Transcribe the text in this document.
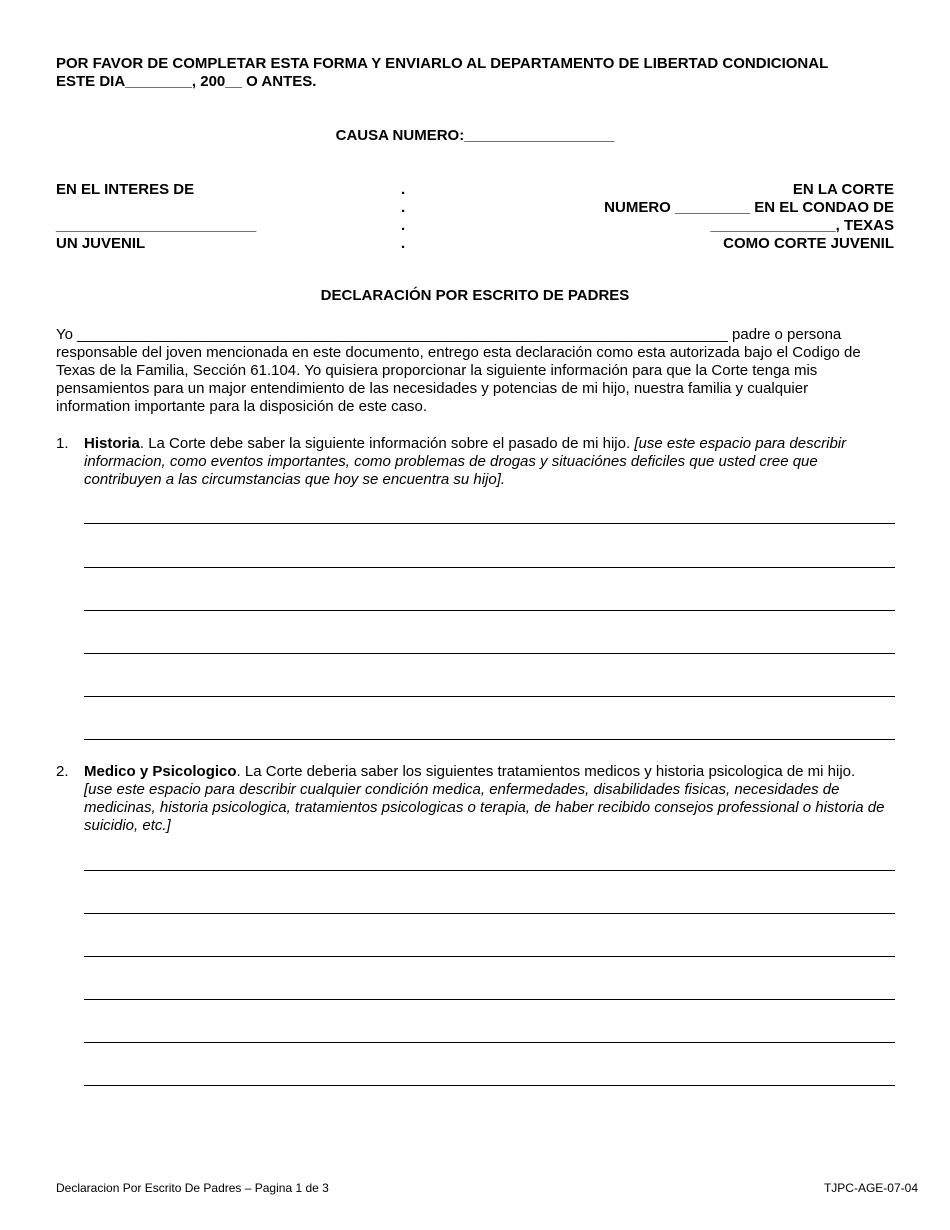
POR FAVOR DE COMPLETAR ESTA FORMA Y ENVIARLO AL DEPARTAMENTO DE LIBERTAD CONDICIONAL
ESTE DIA________, 200__ O ANTES.
CAUSA NUMERO:__________________
EN EL INTERES DE
________________________
UN JUVENIL
.
.
.
.
EN LA CORTE
NUMERO _________ EN EL CONDAO DE
_______________, TEXAS
COMO CORTE JUVENIL
DECLARACIÓN POR ESCRITO DE PADRES
Yo ______________________________________________________________________________ padre o persona
responsable del joven mencionada en este documento, entrego esta declaración como esta autorizada bajo el Codigo de
Texas de la Familia, Sección 61.104. Yo quisiera proporcionar la siguiente información para que la Corte tenga mis
pensamientos para un major entendimiento de las necesidades y potencias de mi hijo, nuestra familia y cualquier
information importante para la disposición de este caso.
1. Historia. La Corte debe saber la siguiente información sobre el pasado de mi hijo. [use este espacio para describir informacion, como eventos importantes, como problemas de drogas y situaciónes deficiles que usted cree que contribuyen a las circumstancias que hoy se encuentra su hijo].
2. Medico y Psicologico. La Corte deberia saber los siguientes tratamientos medicos y historia psicologica de mi hijo.
[use este espacio para describir cualquier condición medica, enfermedades, disabilidades fisicas, necesidades de medicinas, historia psicologica, tratamientos psicologicas o terapia, de haber recibido consejos professional o historia de suicidio, etc.]
Declaracion Por Escrito De Padres – Pagina 1 de 3	TJPC-AGE-07-04
